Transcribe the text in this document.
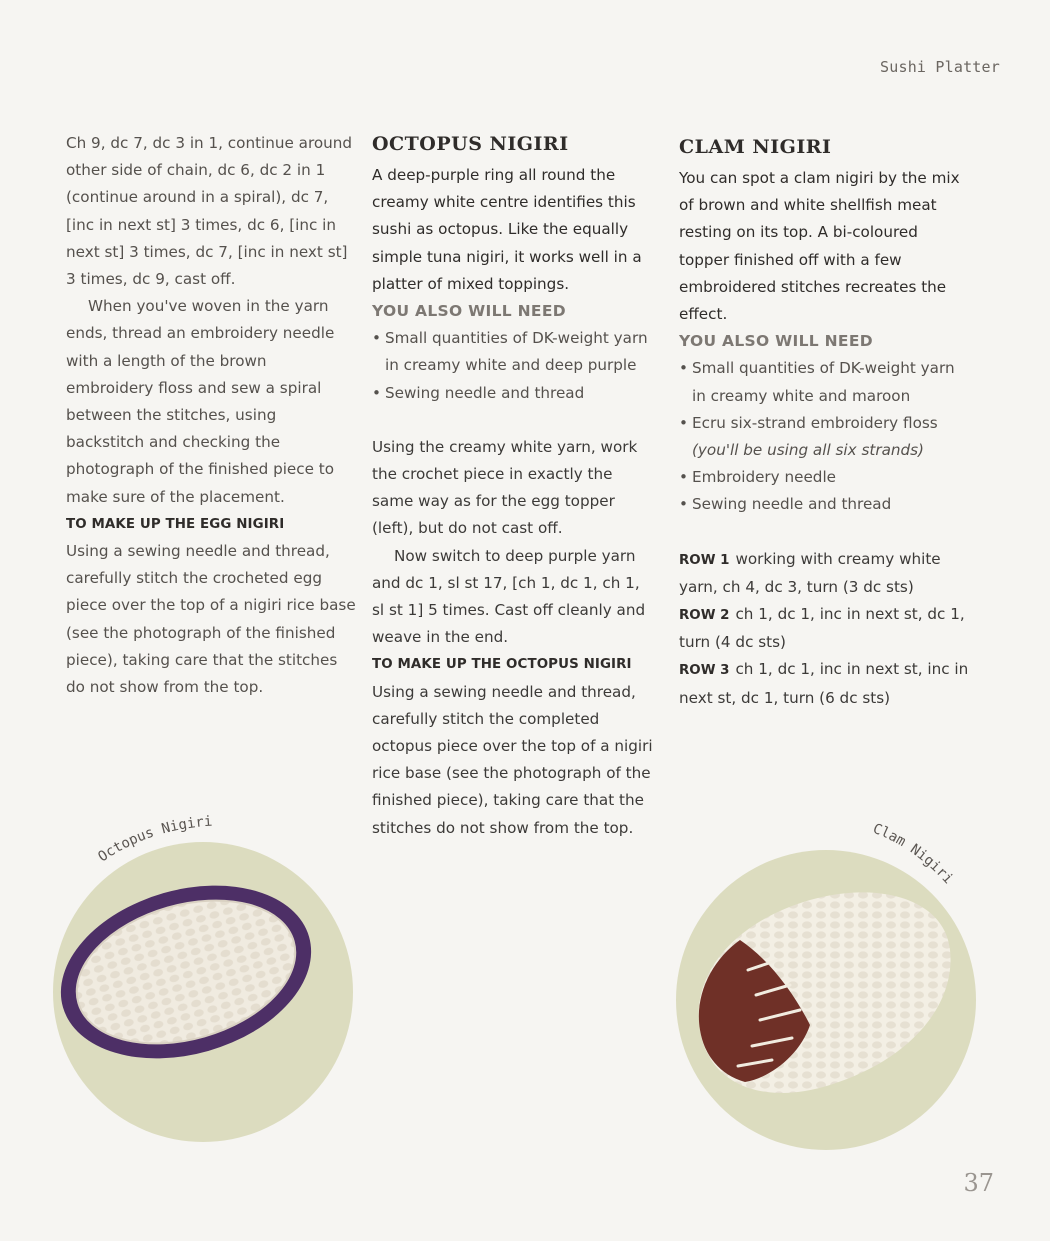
Sushi Platter

Ch 9, dc 7, dc 3 in 1, continue around other side of chain, dc 6, dc 2 in 1 (continue around in a spiral), dc 7, [inc in next st] 3 times, dc 6, [inc in next st] 3 times, dc 7, [inc in next st] 3 times, dc 9, cast off.

When you've woven in the yarn ends, thread an embroidery needle with a length of the brown embroidery floss and sew a spiral between the stitches, using backstitch and checking the photograph of the finished piece to make sure of the placement.

TO MAKE UP THE EGG NIGIRI

Using a sewing needle and thread, carefully stitch the crocheted egg piece over the top of a nigiri rice base (see the photograph of the finished piece), taking care that the stitches do not show from the top.

OCTOPUS NIGIRI

A deep-purple ring all round the creamy white centre identifies this sushi as octopus. Like the equally simple tuna nigiri, it works well in a platter of mixed toppings.

YOU ALSO WILL NEED

• Small quantities of DK-weight yarn in creamy white and deep purple
• Sewing needle and thread

Using the creamy white yarn, work the crochet piece in exactly the same way as for the egg topper (left), but do not cast off.

Now switch to deep purple yarn and dc 1, sl st 17, [ch 1, dc 1, ch 1, sl st 1] 5 times. Cast off cleanly and weave in the end.

TO MAKE UP THE OCTOPUS NIGIRI

Using a sewing needle and thread, carefully stitch the completed octopus piece over the top of a nigiri rice base (see the photograph of the finished piece), taking care that the stitches do not show from the top.

CLAM NIGIRI

You can spot a clam nigiri by the mix of brown and white shellfish meat resting on its top. A bi-coloured topper finished off with a few embroidered stitches recreates the effect.

YOU ALSO WILL NEED

• Small quantities of DK-weight yarn in creamy white and maroon
• Ecru six-strand embroidery floss
(you'll be using all six strands)
• Embroidery needle
• Sewing needle and thread

ROW 1 working with creamy white yarn, ch 4, dc 3, turn (3 dc sts)

ROW 2 ch 1, dc 1, inc in next st, dc 1, turn (4 dc sts)

ROW 3 ch 1, dc 1, inc in next st, inc in next st, dc 1, turn (6 dc sts)

Octopus Nigiri	Clam Nigiri
37
